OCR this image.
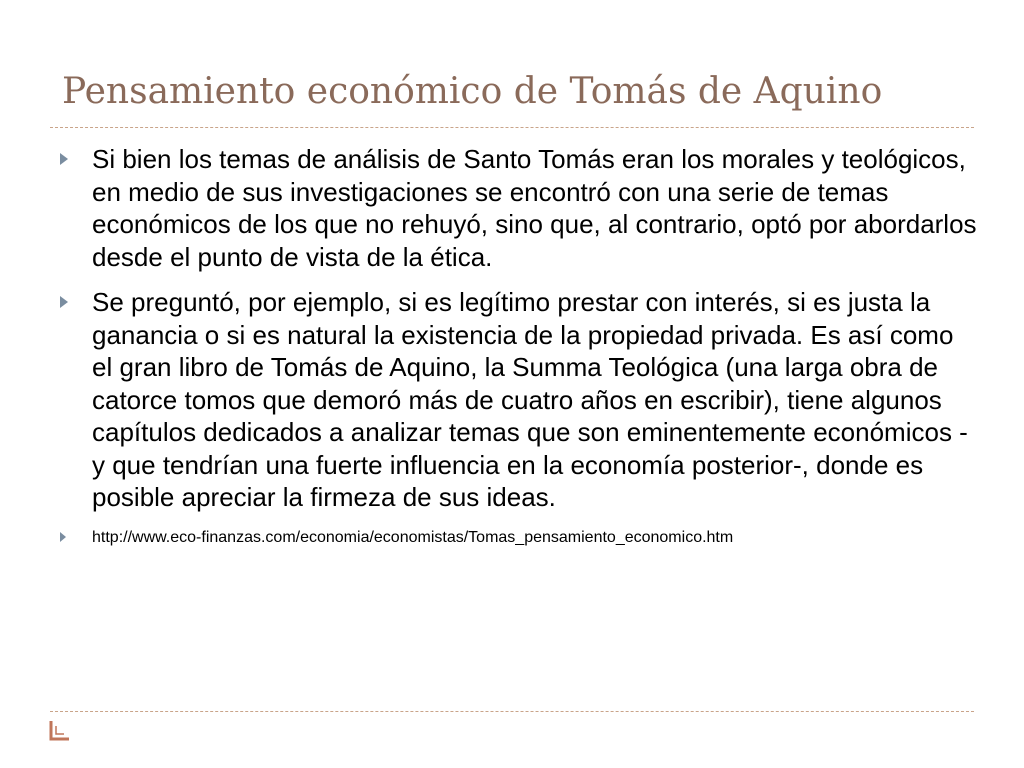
Pensamiento económico de Tomás de Aquino
Si bien los temas de análisis de Santo Tomás eran los morales y teológicos, en medio de sus investigaciones se encontró con una serie de temas económicos de los que no rehuyó, sino que, al contrario, optó por abordarlos desde el punto de vista de la ética.
Se preguntó, por ejemplo, si es legítimo prestar con interés, si es justa la ganancia o si es natural la existencia de la propiedad privada. Es así como el gran libro de Tomás de Aquino, la Summa Teológica (una larga obra de catorce tomos que demoró más de cuatro años en escribir), tiene algunos capítulos dedicados a analizar temas que son eminentemente económicos -y que tendrían una fuerte influencia en la economía posterior-, donde es posible apreciar la firmeza de sus ideas.
http://www.eco-finanzas.com/economia/economistas/Tomas_pensamiento_economico.htm
